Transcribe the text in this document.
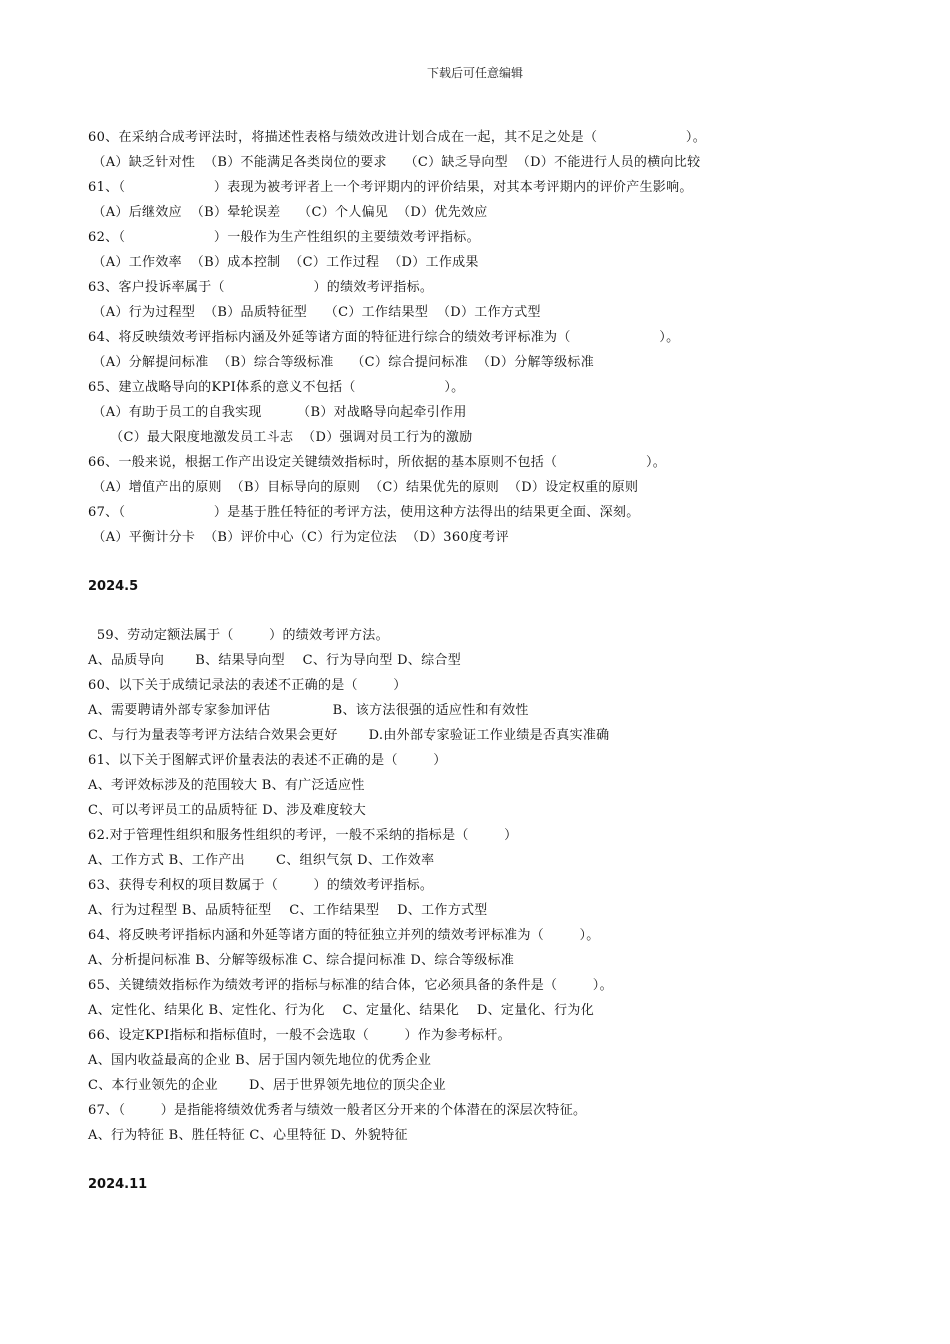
下载后可任意编辑
60、在采纳合成考评法时，将描述性表格与绩效改进计划合成在一起，其不足之处是（                    ）。
（A）缺乏针对性  （B）不能满足各类岗位的要求    （C）缺乏导向型  （D）不能进行人员的横向比较
61、（                    ）表现为被考评者上一个考评期内的评价结果，对其本考评期内的评价产生影响。
（A）后继效应  （B）晕轮误差    （C）个人偏见  （D）优先效应
62、（                    ）一般作为生产性组织的主要绩效考评指标。
（A）工作效率  （B）成本控制  （C）工作过程  （D）工作成果
63、客户投诉率属于（                    ）的绩效考评指标。
（A）行为过程型  （B）品质特征型    （C）工作结果型  （D）工作方式型
64、将反映绩效考评指标内涵及外延等诸方面的特征进行综合的绩效考评标准为（                    ）。
（A）分解提问标准  （B）综合等级标准    （C）综合提问标准  （D）分解等级标准
65、建立战略导向的KPI体系的意义不包括（                    ）。
（A）有助于员工的自我实现        （B）对战略导向起牵引作用
（C）最大限度地激发员工斗志  （D）强调对员工行为的激励
66、一般来说，根据工作产出设定关键绩效指标时，所依据的基本原则不包括（                    ）。
（A）增值产出的原则  （B）目标导向的原则  （C）结果优先的原则  （D）设定权重的原则
67、（                    ）是基于胜任特征的考评方法，使用这种方法得出的结果更全面、深刻。
（A）平衡计分卡  （B）评价中心（C）行为定位法  （D）360度考评
2024.5
59、劳动定额法属于（        ）的绩效考评方法。
A、品质导向       B、结果导向型    C、行为导向型 D、综合型
60、以下关于成绩记录法的表述不正确的是（        ）
A、需要聘请外部专家参加评估              B、该方法很强的适应性和有效性
C、与行为量表等考评方法结合效果会更好       D.由外部专家验证工作业绩是否真实准确
61、以下关于图解式评价量表法的表述不正确的是（        ）
A、考评效标涉及的范围较大 B、有广泛适应性
C、可以考评员工的品质特征 D、涉及难度较大
62.对于管理性组织和服务性组织的考评，一般不采纳的指标是（        ）
A、工作方式 B、工作产出       C、组织气氛 D、工作效率
63、获得专利权的项目数属于（        ）的绩效考评指标。
A、行为过程型 B、品质特征型    C、工作结果型    D、工作方式型
64、将反映考评指标内涵和外延等诸方面的特征独立并列的绩效考评标准为（        ）。
A、分析提问标准 B、分解等级标准 C、综合提问标准 D、综合等级标准
65、关键绩效指标作为绩效考评的指标与标准的结合体，它必须具备的条件是（        ）。
A、定性化、结果化 B、定性化、行为化    C、定量化、结果化    D、定量化、行为化
66、设定KPI指标和指标值时，一般不会选取（        ）作为参考标杆。
A、国内收益最高的企业 B、居于国内领先地位的优秀企业
C、本行业领先的企业       D、居于世界领先地位的顶尖企业
67、（        ）是指能将绩效优秀者与绩效一般者区分开来的个体潜在的深层次特征。
A、行为特征 B、胜任特征 C、心里特征 D、外貌特征
2024.11
